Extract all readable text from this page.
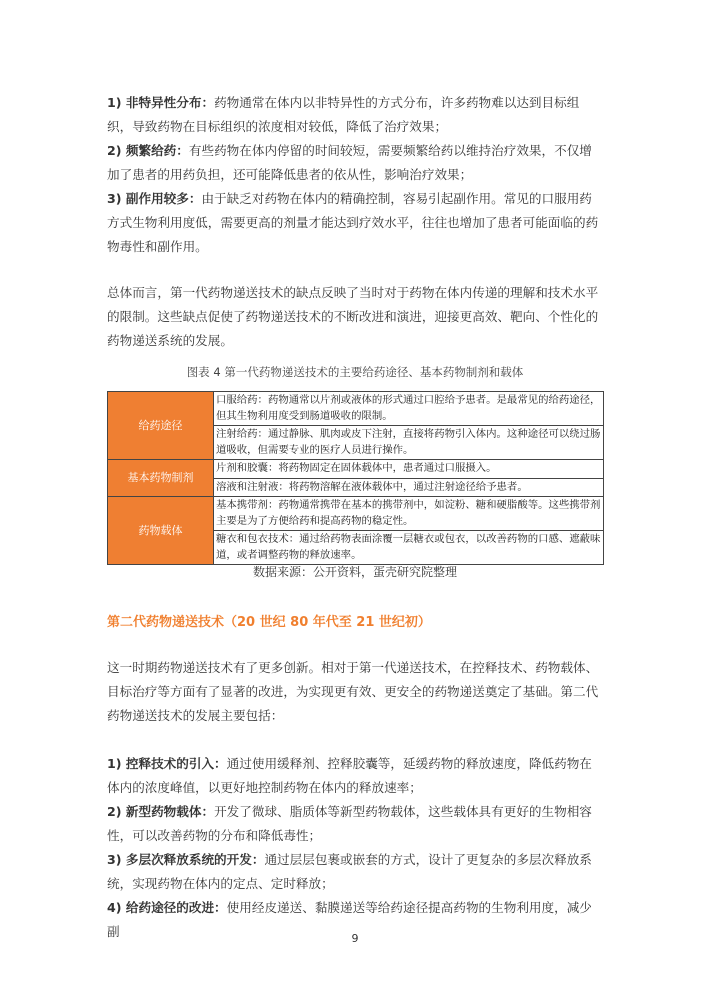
1) 非特异性分布：药物通常在体内以非特异性的方式分布，许多药物难以达到目标组织，导致药物在目标组织的浓度相对较低，降低了治疗效果；

2) 频繁给药：有些药物在体内停留的时间较短，需要频繁给药以维持治疗效果，不仅增加了患者的用药负担，还可能降低患者的依从性，影响治疗效果；

3) 副作用较多：由于缺乏对药物在体内的精确控制，容易引起副作用。常见的口服用药方式生物利用度低，需要更高的剂量才能达到疗效水平，往往也增加了患者可能面临的药物毒性和副作用。

总体而言，第一代药物递送技术的缺点反映了当时对于药物在体内传递的理解和技术水平的限制。这些缺点促使了药物递送技术的不断改进和演进，迎接更高效、靶向、个性化的药物递送系统的发展。

图表 4 第一代药物递送技术的主要给药途径、基本药物制剂和载体
给药途径	口服给药：药物通常以片剂或液体的形式通过口腔给予患者。是最常见的给药途径，但其生物利用度受到肠道吸收的限制。
	注射给药：通过静脉、肌肉或皮下注射，直接将药物引入体内。这种途径可以绕过肠道吸收，但需要专业的医疗人员进行操作。
基本药物制剂	片剂和胶囊：将药物固定在固体载体中，患者通过口服摄入。
	溶液和注射液：将药物溶解在液体载体中，通过注射途径给予患者。
药物载体	基本携带剂：药物通常携带在基本的携带剂中，如淀粉、糖和硬脂酸等。这些携带剂主要是为了方便给药和提高药物的稳定性。
	糖衣和包衣技术：通过给药物表面涂覆一层糖衣或包衣，以改善药物的口感、遮蔽味道，或者调整药物的释放速率。
数据来源：公开资料，蛋壳研究院整理
第二代药物递送技术（20 世纪 80 年代至 21 世纪初）

这一时期药物递送技术有了更多创新。相对于第一代递送技术，在控释技术、药物载体、目标治疗等方面有了显著的改进，为实现更有效、更安全的药物递送奠定了基础。第二代药物递送技术的发展主要包括：

1) 控释技术的引入：通过使用缓释剂、控释胶囊等，延缓药物的释放速度，降低药物在体内的浓度峰值，以更好地控制药物在体内的释放速率；

2) 新型药物载体：开发了微球、脂质体等新型药物载体，这些载体具有更好的生物相容性，可以改善药物的分布和降低毒性；

3) 多层次释放系统的开发：通过层层包裹或嵌套的方式，设计了更复杂的多层次释放系统，实现药物在体内的定点、定时释放；

4) 给药途径的改进：使用经皮递送、黏膜递送等给药途径提高药物的生物利用度，减少副	9
